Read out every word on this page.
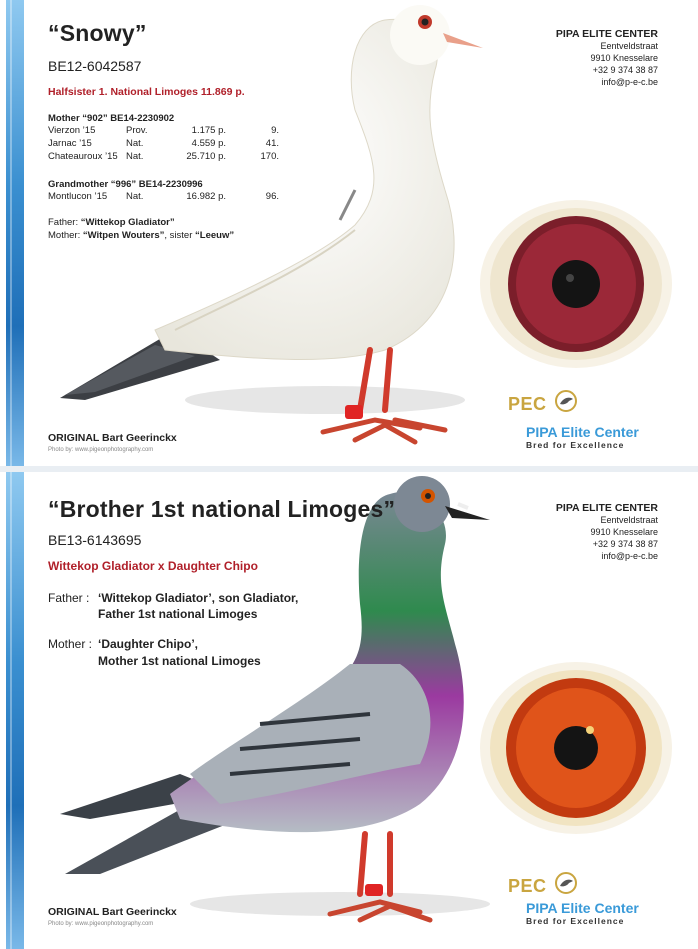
“Snowy”
BE12-6042587
Halfsister 1. National Limoges 11.869 p.
Mother “902” BE14-2230902
Vierzon ’15	Prov.	1.175 p.	9.
Jarnac ’15	Nat.	4.559 p.	41.
Chateauroux ’15	Nat.	25.710 p.	170.
Grandmother “996” BE14-2230996
Montlucon ’15	Nat.	16.982 p.	96.
Father: “Wittekop Gladiator”
Mother: “Witpen Wouters”, sister “Leeuw”
PIPA ELITE CENTER
Eentveldstraat
9910 Knesselare
+32 9 374 38 87
info@p-e-c.be
PEC
PIPA Elite Center
Bred for Excellence
ORIGINAL Bart Geerinckx
Photo by: www.pigeonphotography.com
“Brother 1st national Limoges”
BE13-6143695
Wittekop Gladiator x Daughter Chipo
Father : ‘Wittekop Gladiator’, son Gladiator,
Father 1st national Limoges
Mother : ‘Daughter Chipo’,
Mother 1st national Limoges
PIPA ELITE CENTER
Eentveldstraat
9910 Knesselare
+32 9 374 38 87
info@p-e-c.be
PEC
PIPA Elite Center
Bred for Excellence
ORIGINAL Bart Geerinckx
Photo by: www.pigeonphotography.com
